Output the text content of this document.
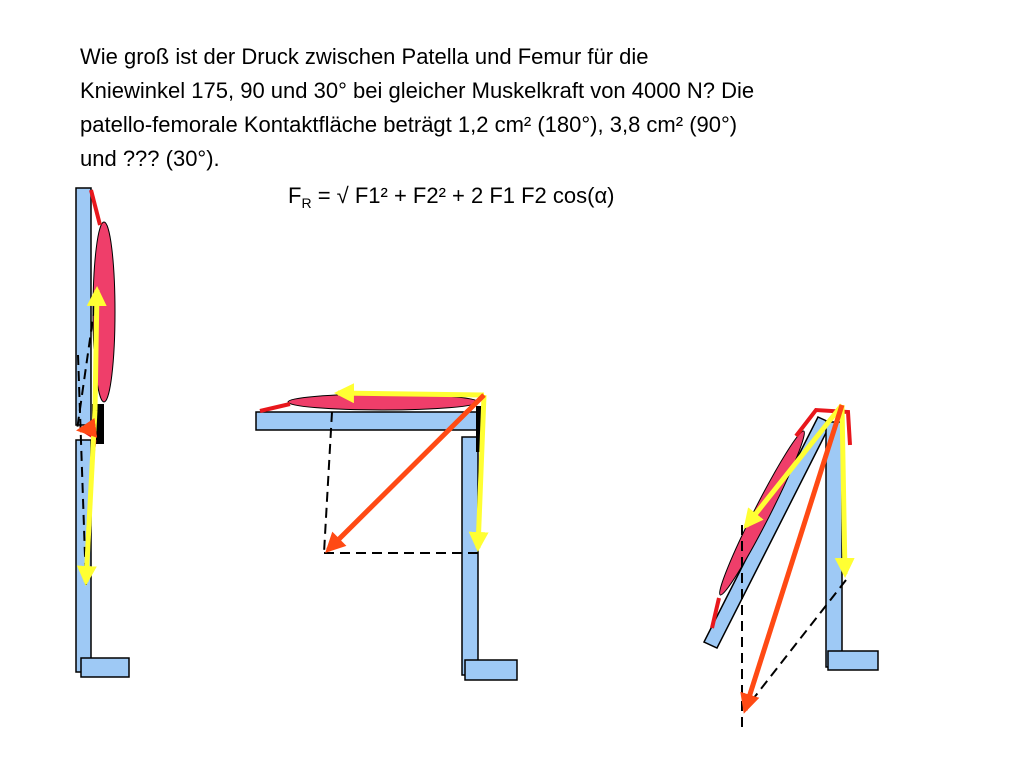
Wie groß ist der Druck zwischen Patella und Femur für die
Kniewinkel 175, 90 und 30° bei gleicher Muskelkraft von 4000 N? Die
patello-femorale Kontaktfläche beträgt 1,2 cm² (180°), 3,8 cm² (90°)
und ??? (30°).
$F_R$ = √ F1² + F2² + 2 F1 F2 cos(α)
